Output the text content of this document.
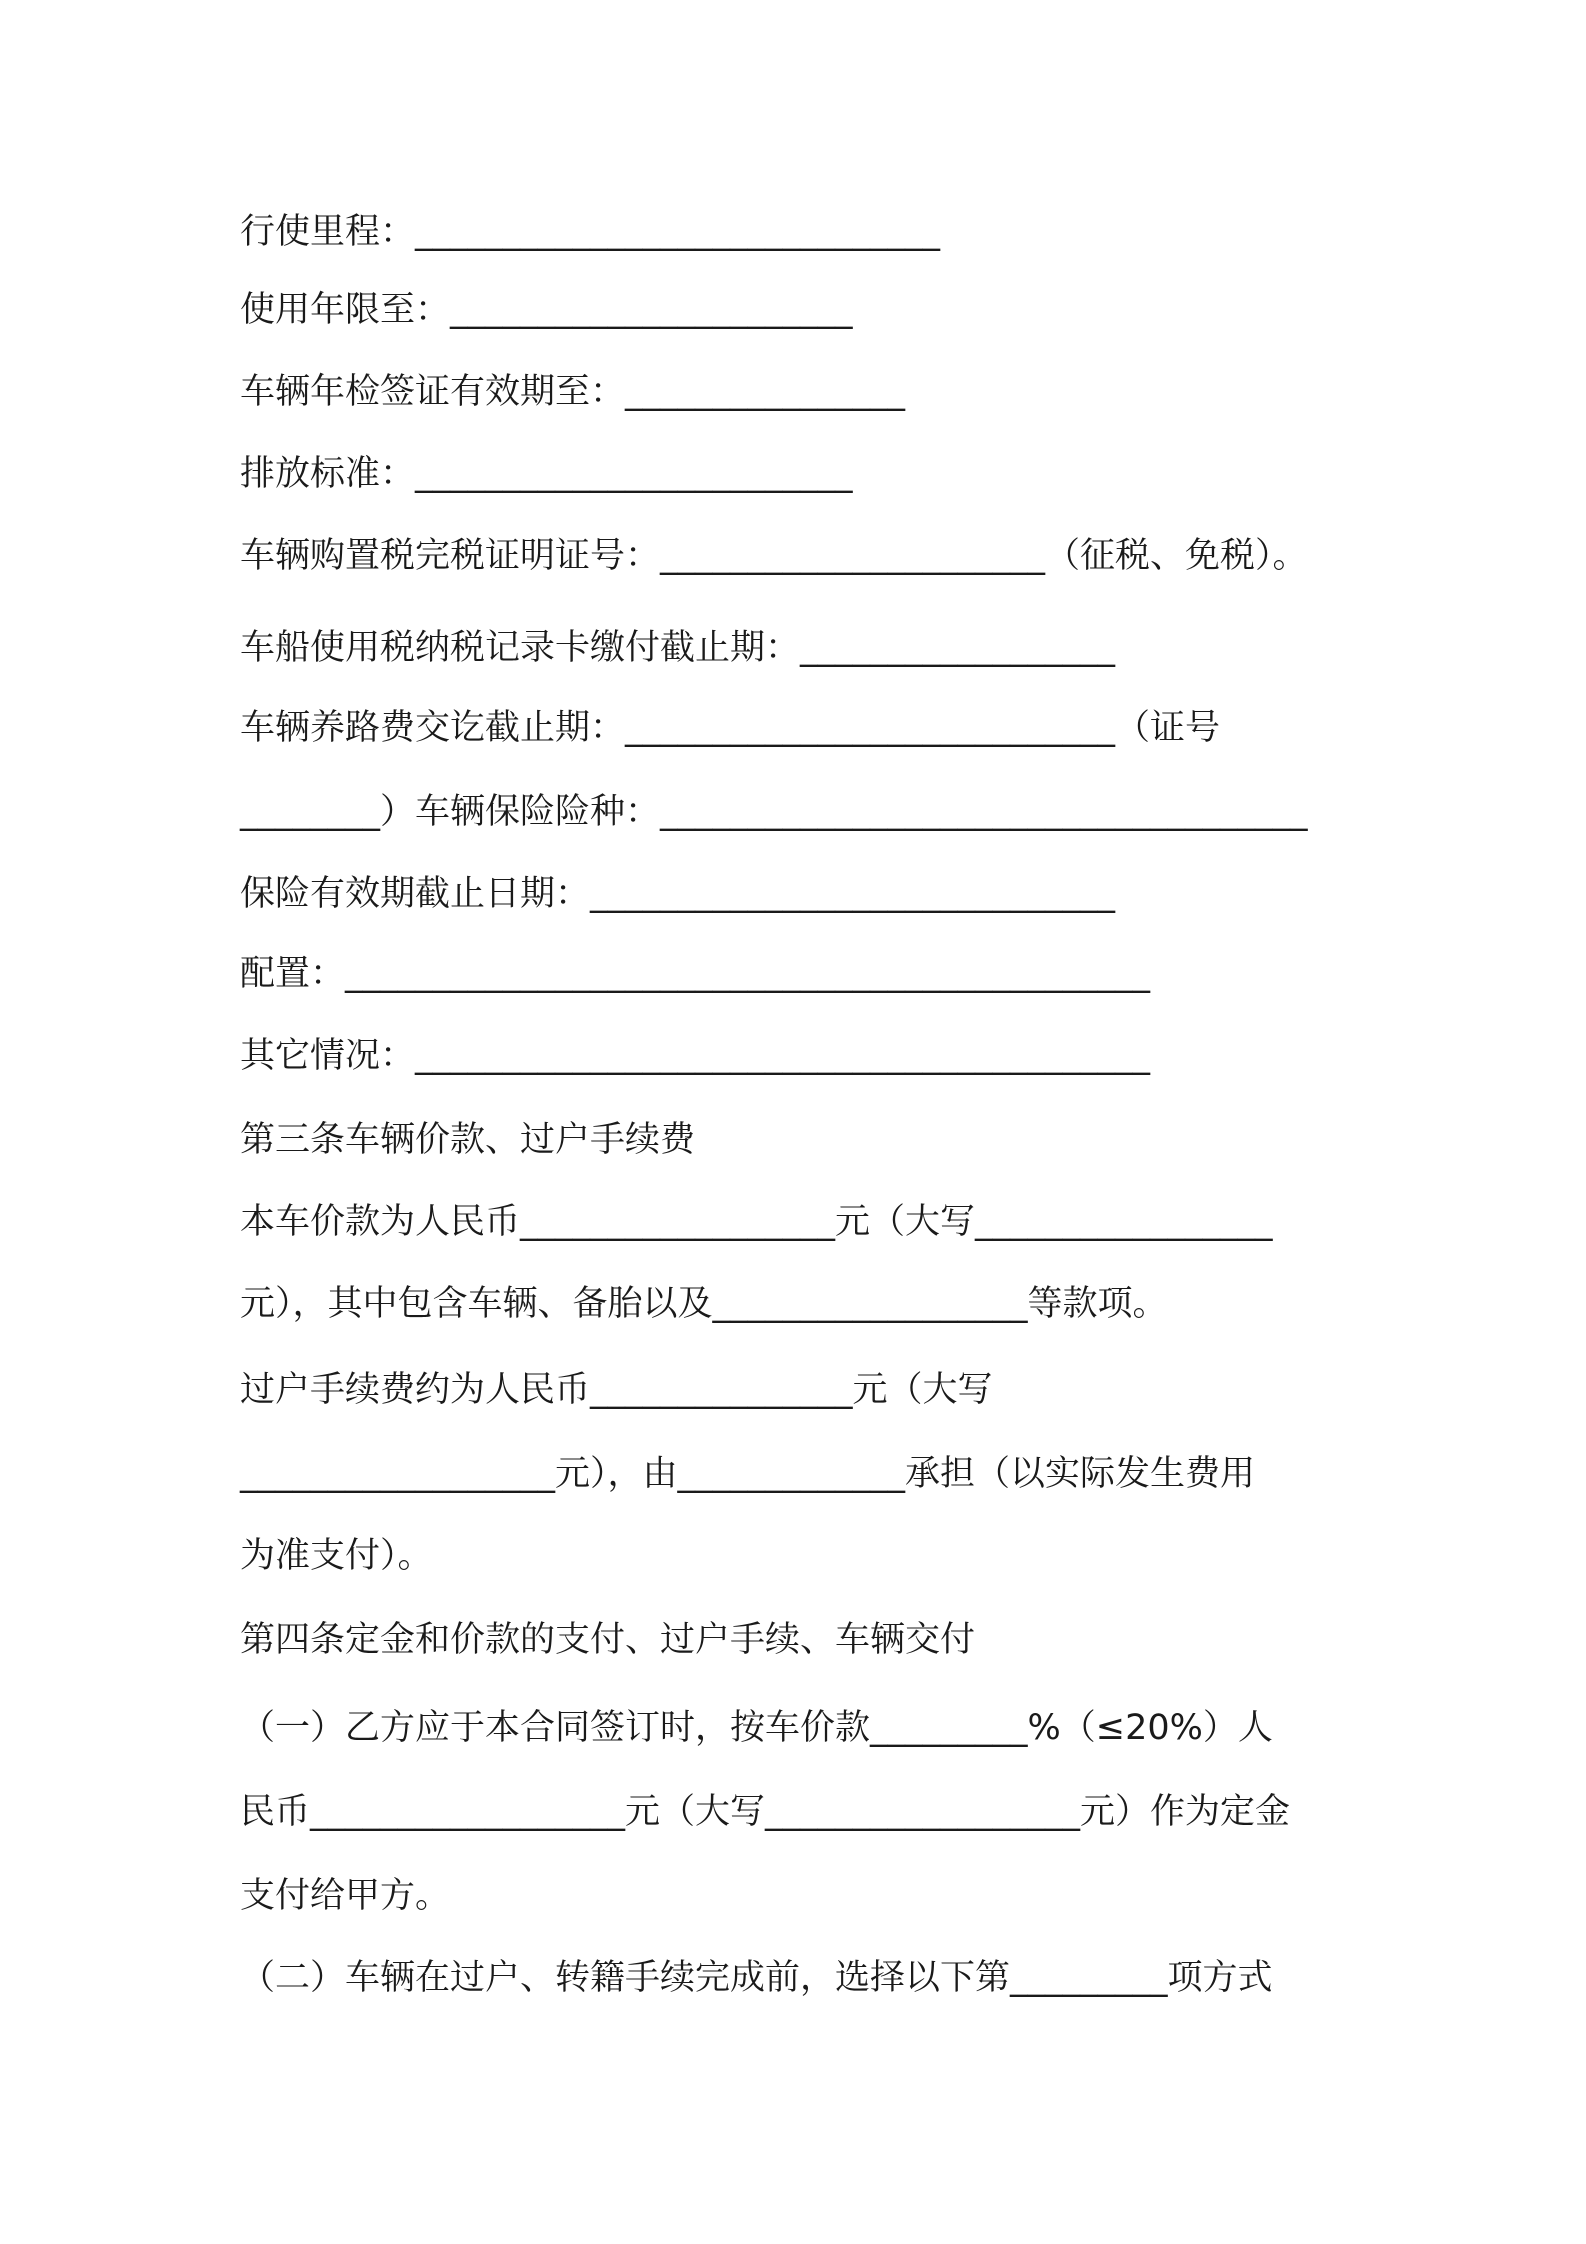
行使里程：______________________________
使用年限至：_______________________
车辆年检签证有效期至：________________
排放标准：_________________________
车辆购置税完税证明证号：______________________（征税、免税）。
车船使用税纳税记录卡缴付截止期：__________________
车辆养路费交讫截止期：____________________________（证号
________）车辆保险险种：_____________________________________
保险有效期截止日期：______________________________
配置：______________________________________________
其它情况：__________________________________________
第三条车辆价款、过户手续费
本车价款为人民币__________________元（大写_________________
元），其中包含车辆、备胎以及__________________等款项。
过户手续费约为人民币_______________元（大写
__________________元），由_____________承担（以实际发生费用
为准支付）。
第四条定金和价款的支付、过户手续、车辆交付
（一）乙方应于本合同签订时，按车价款_________%（≤20%）人
民币__________________元（大写__________________元）作为定金
支付给甲方。
（二）车辆在过户、转籍手续完成前，选择以下第_________项方式
